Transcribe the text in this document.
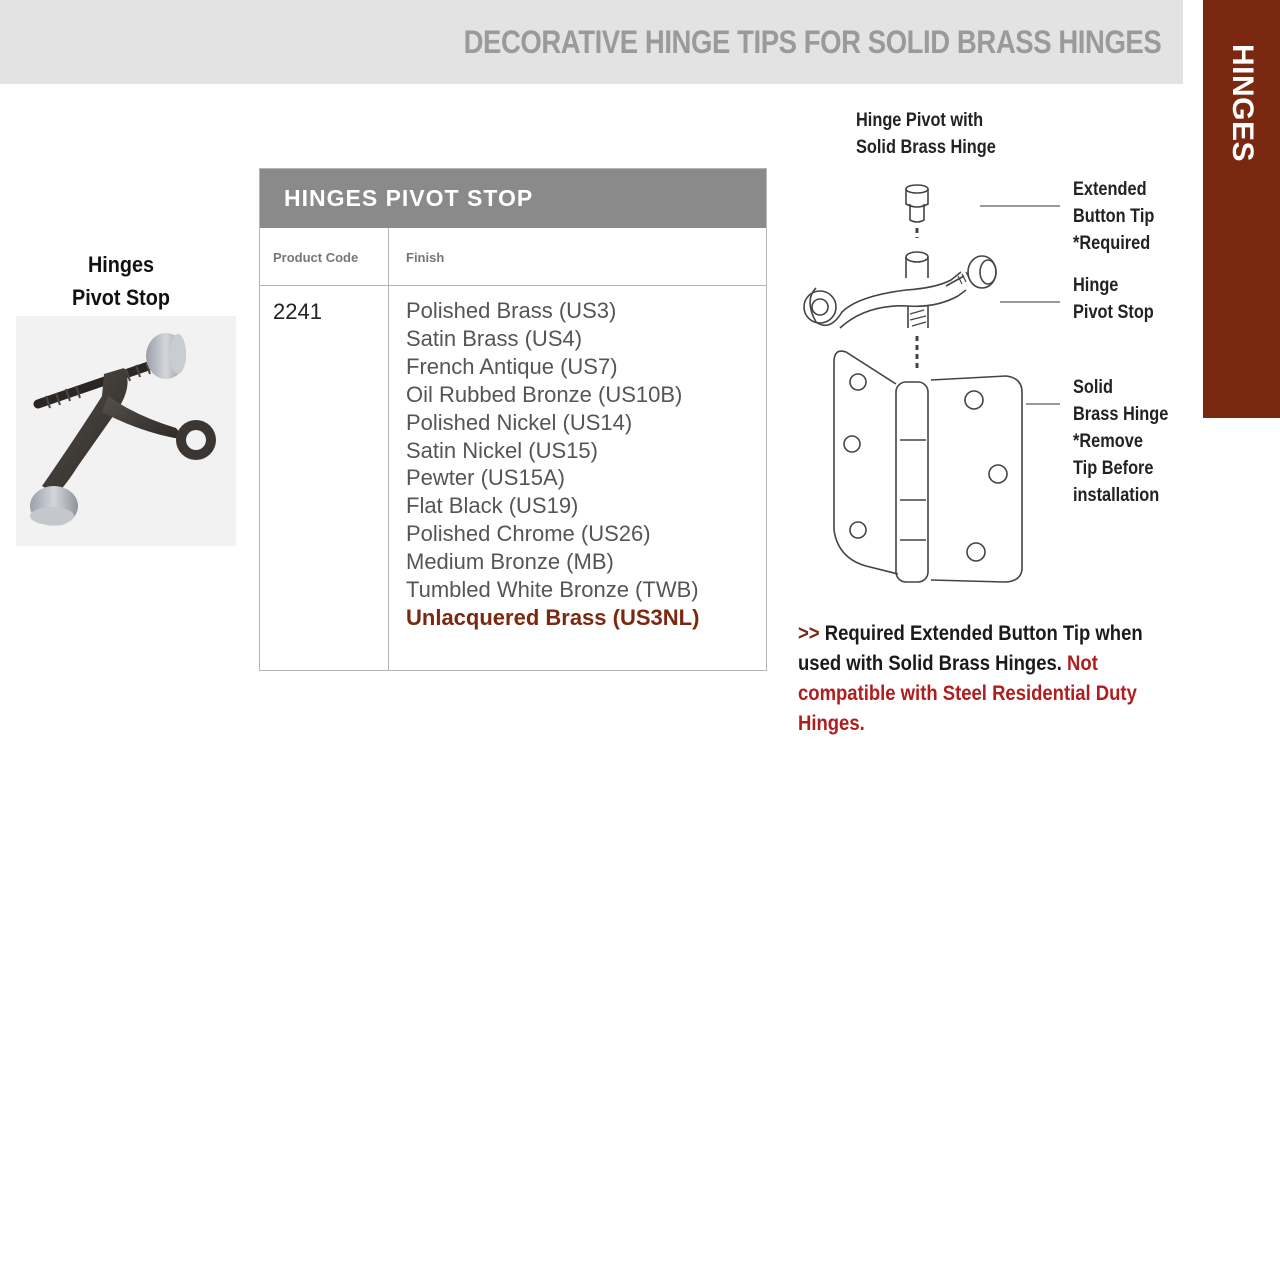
DECORATIVE HINGE TIPS FOR SOLID BRASS HINGES
HINGES
Hinges
Pivot Stop
HINGES PIVOT STOP
Product Code	Finish
2241	Polished Brass (US3)
Satin Brass (US4)
French Antique (US7)
Oil Rubbed Bronze (US10B)
Polished Nickel (US14)
Satin Nickel (US15)
Pewter (US15A)
Flat Black (US19)
Polished Chrome (US26)
Medium Bronze (MB)
Tumbled White Bronze (TWB)
Unlacquered Brass (US3NL)
Hinge Pivot with
Solid Brass Hinge
Extended
Button Tip
*Required
Hinge
Pivot Stop
Solid
Brass Hinge
*Remove
Tip Before
installation
>> Required Extended Button Tip when used with Solid Brass Hinges. Not compatible with Steel Residential Duty Hinges.
